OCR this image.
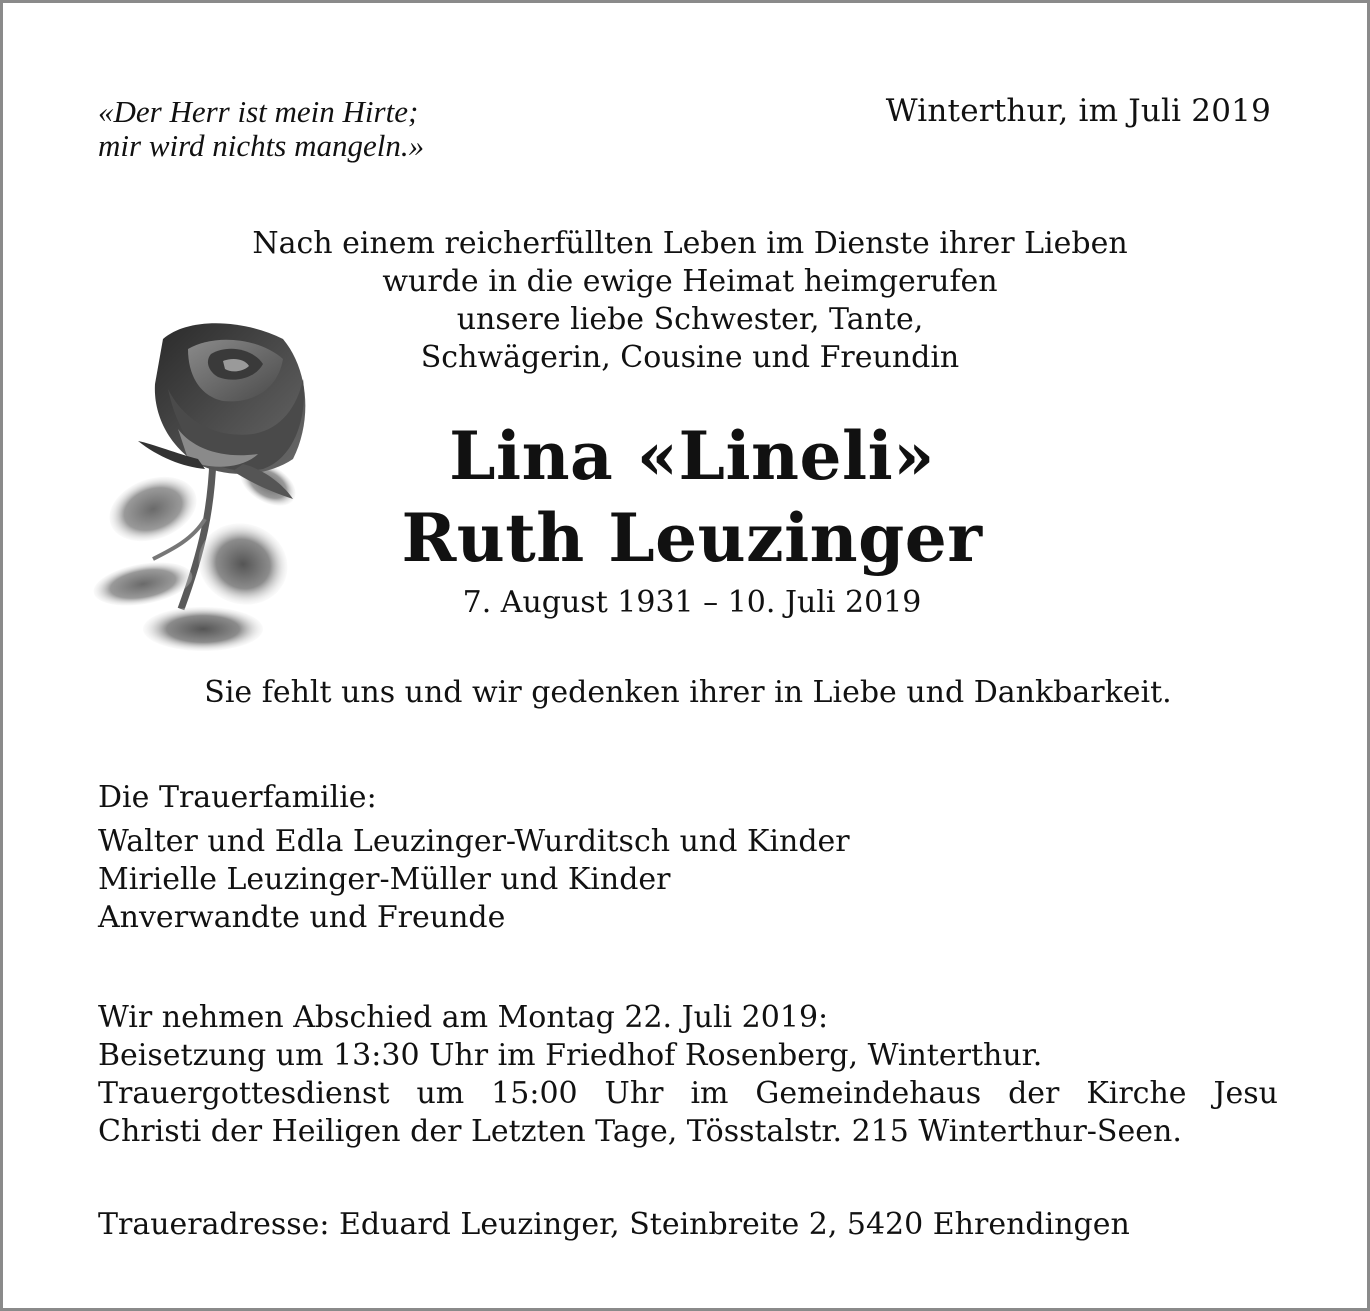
«Der Herr ist mein Hirte;
mir wird nichts mangeln.»
Winterthur, im Juli 2019
Nach einem reicherfüllten Leben im Dienste ihrer Lieben
wurde in die ewige Heimat heimgerufen
unsere liebe Schwester, Tante,
Schwägerin, Cousine und Freundin
Lina «Lineli»
Ruth Leuzinger
7. August 1931 – 10. Juli 2019
Sie fehlt uns und wir gedenken ihrer in Liebe und Dankbarkeit.
Die Trauerfamilie:
Walter und Edla Leuzinger-Wurditsch und Kinder
Mirielle Leuzinger-Müller und Kinder
Anverwandte und Freunde
Wir nehmen Abschied am Montag 22. Juli 2019:
Beisetzung um 13:30 Uhr im Friedhof Rosenberg, Winterthur.
Trauergottesdienst um 15:00 Uhr im Gemeindehaus der Kirche Jesu
Christi der Heiligen der Letzten Tage, Tösstalstr. 215 Winterthur-Seen.
Traueradresse: Eduard Leuzinger, Steinbreite 2, 5420 Ehrendingen
